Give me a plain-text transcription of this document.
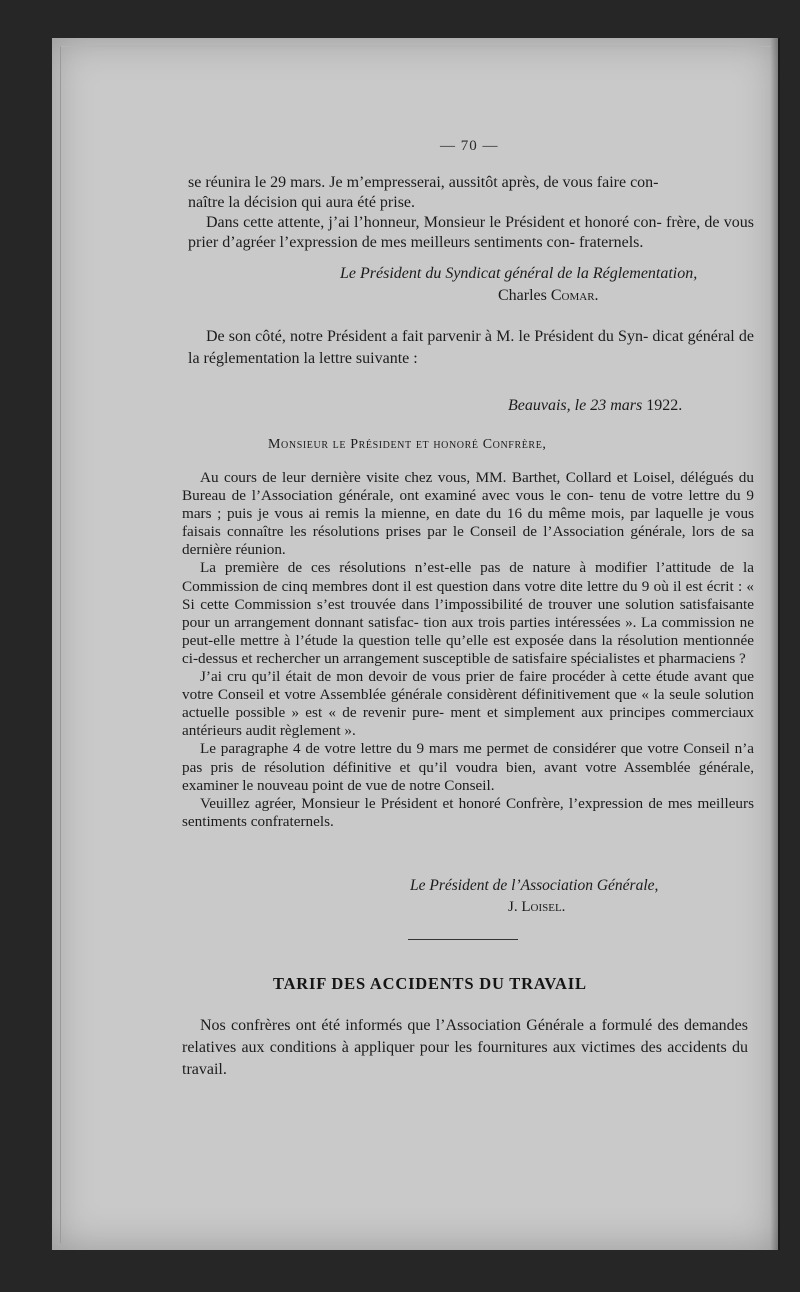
— 70 —

se réunira le 29 mars. Je m’empresserai, aussitôt après, de vous faire con-

naître la décision qui aura été prise.

Dans cette attente, j’ai l’honneur, Monsieur le Président et honoré con- frère, de vous prier d’agréer l’expression de mes meilleurs sentiments con- fraternels.

Le Président du Syndicat général de la Réglementation,
Charles Comar.

De son côté, notre Président a fait parvenir à M. le Président du Syn- dicat général de la réglementation la lettre suivante :

Beauvais, le 23 mars 1922.
Monsieur le Président et honoré Confrère,

Au cours de leur dernière visite chez vous, MM. Barthet, Collard et Loisel, délégués du Bureau de l’Association générale, ont examiné avec vous le con- tenu de votre lettre du 9 mars ; puis je vous ai remis la mienne, en date du 16 du même mois, par laquelle je vous faisais connaître les résolutions prises par le Conseil de l’Association générale, lors de sa dernière réunion.

La première de ces résolutions n’est-elle pas de nature à modifier l’attitude de la Commission de cinq membres dont il est question dans votre dite lettre du 9 où il est écrit : « Si cette Commission s’est trouvée dans l’impossibilité de trouver une solution satisfaisante pour un arrangement donnant satisfac- tion aux trois parties intéressées ». La commission ne peut-elle mettre à l’étude la question telle qu’elle est exposée dans la résolution mentionnée ci-dessus et rechercher un arrangement susceptible de satisfaire spécialistes et pharmaciens ?

J’ai cru qu’il était de mon devoir de vous prier de faire procéder à cette étude avant que votre Conseil et votre Assemblée générale considèrent définitivement que « la seule solution actuelle possible » est « de revenir pure- ment et simplement aux principes commerciaux antérieurs audit règlement ».

Le paragraphe 4 de votre lettre du 9 mars me permet de considérer que votre Conseil n’a pas pris de résolution définitive et qu’il voudra bien, avant votre Assemblée générale, examiner le nouveau point de vue de notre Conseil.

Veuillez agréer, Monsieur le Président et honoré Confrère, l’expression de mes meilleurs sentiments confraternels.

Le Président de l’Association Générale,
J. Loisel.
TARIF DES ACCIDENTS DU TRAVAIL

Nos confrères ont été informés que l’Association Générale a formulé des demandes relatives aux conditions à appliquer pour les fournitures aux victimes des accidents du travail.
